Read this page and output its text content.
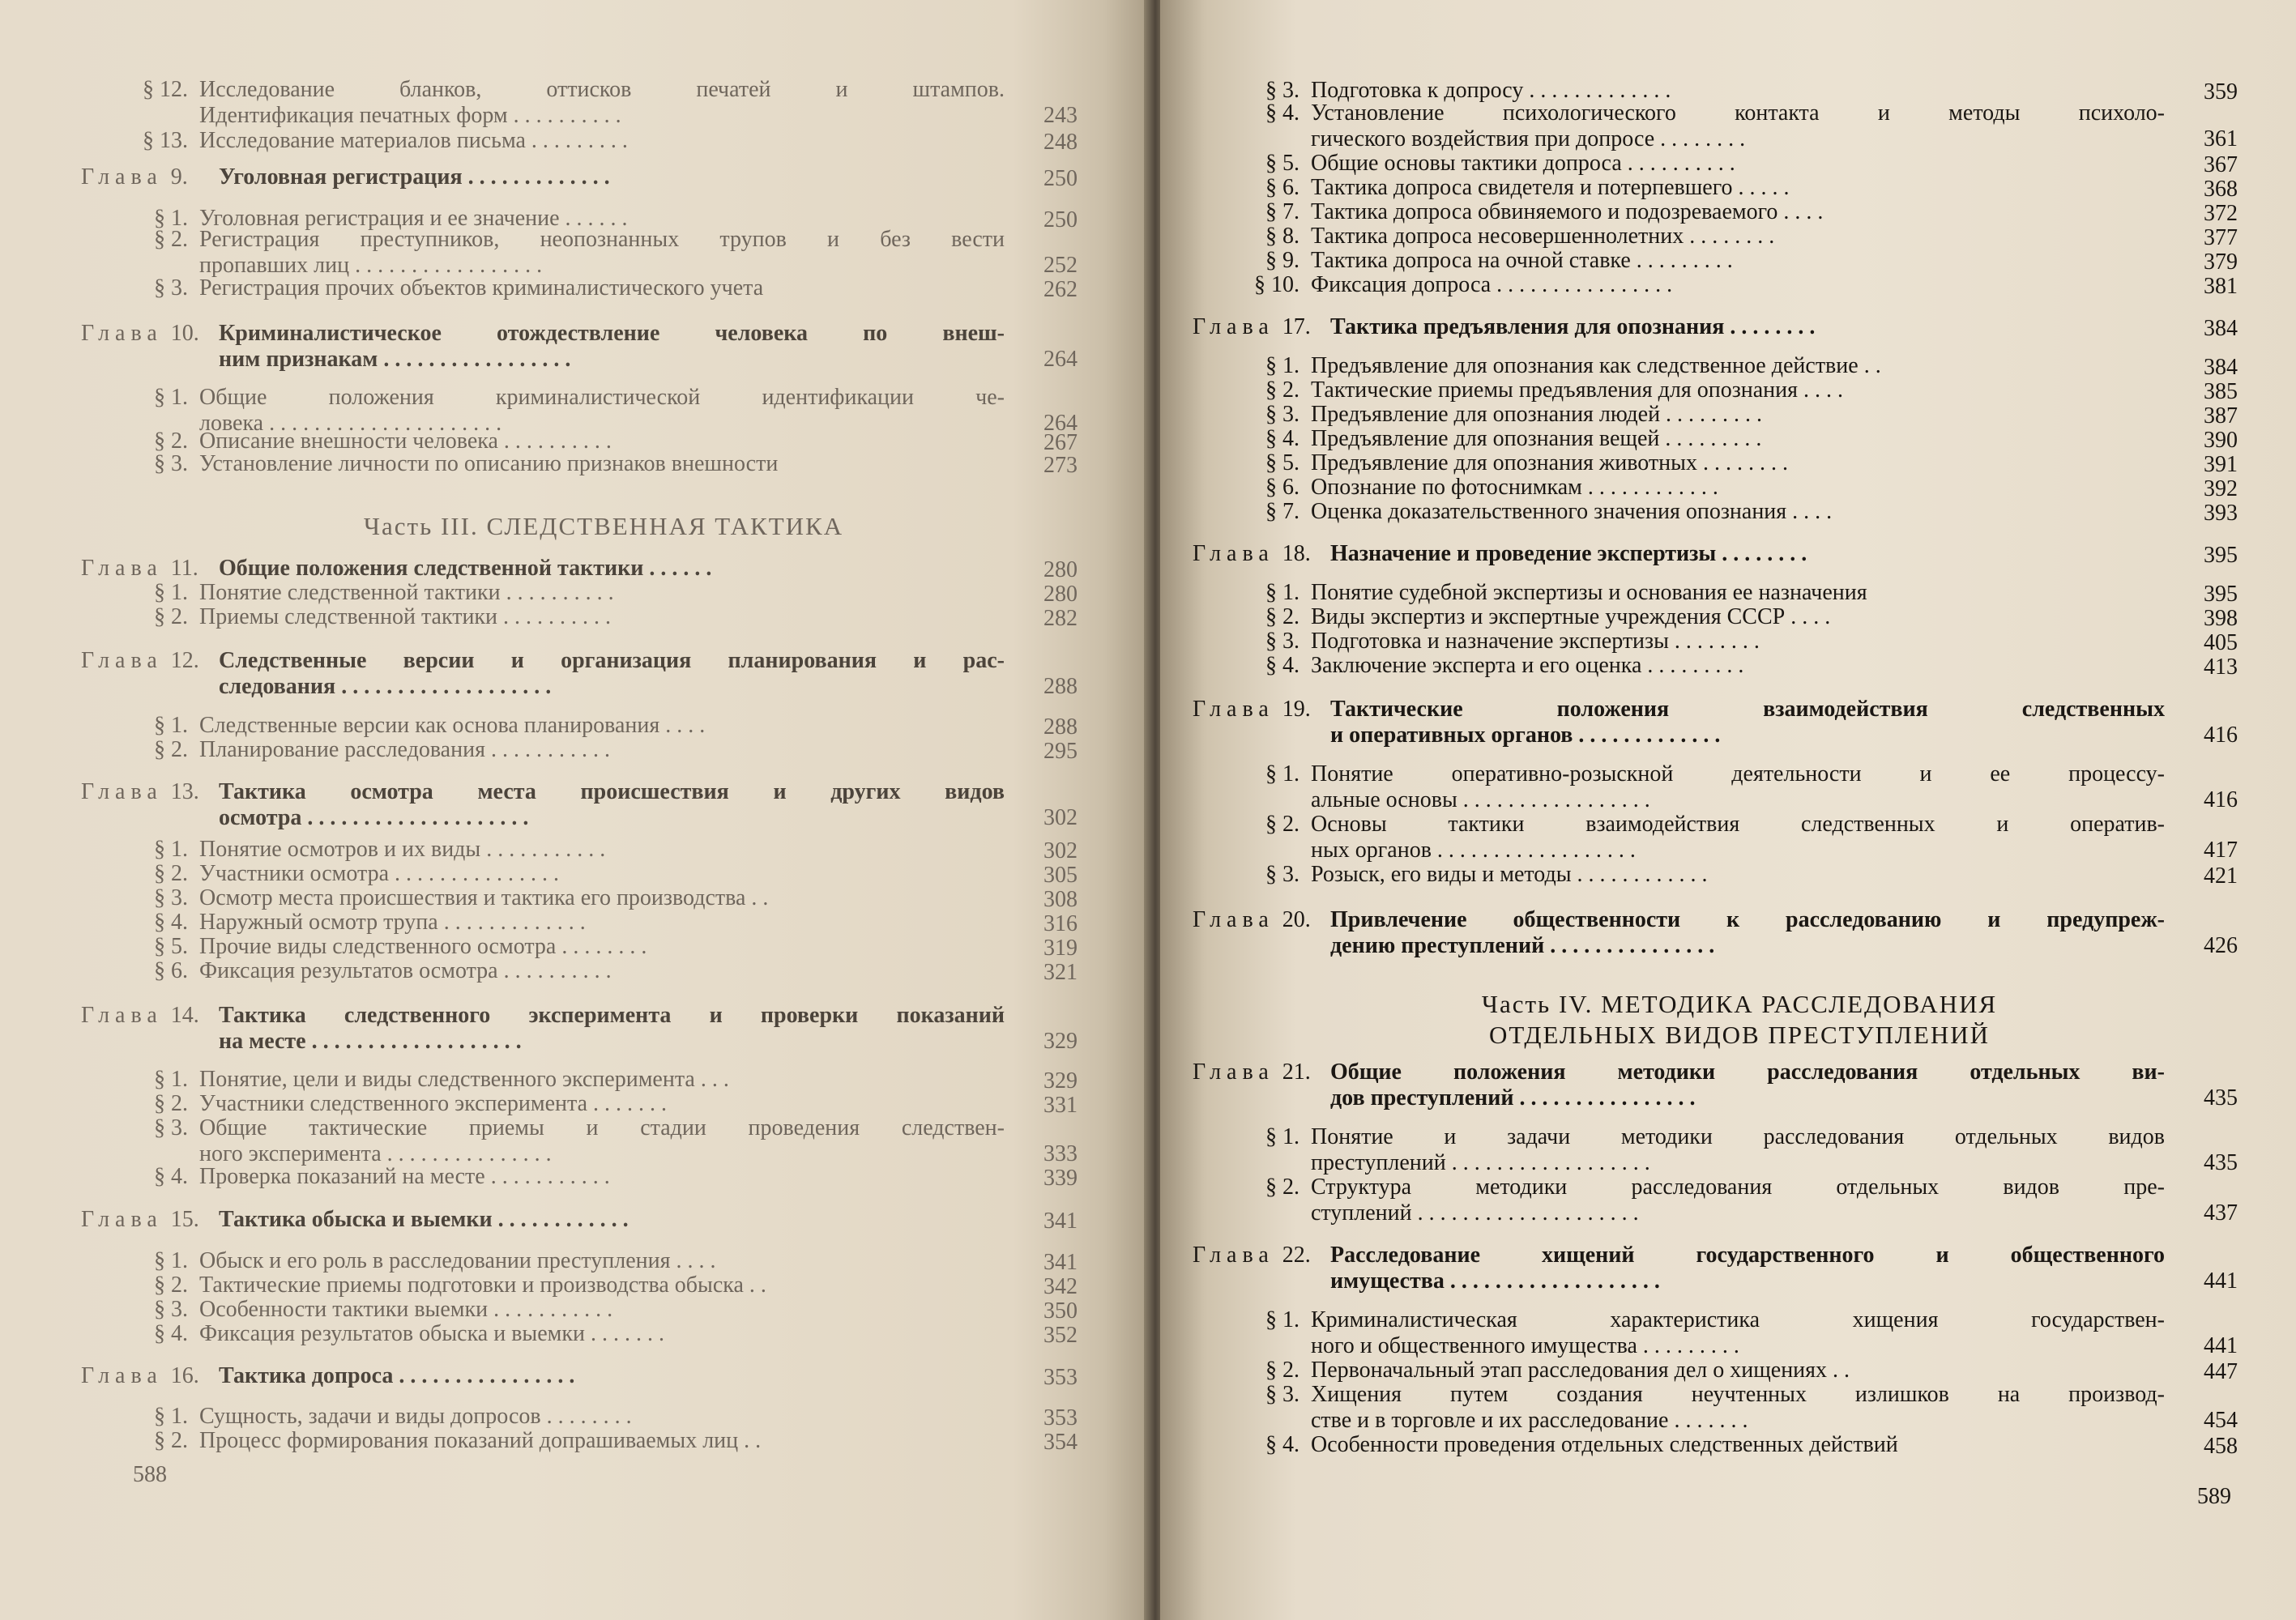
Часть III. СЛЕДСТВЕННАЯ ТАКТИКА
§ 12. Исследование бланков, оттисков печатей и штампов.
Идентификация печатных форм . . . . . . . . . .	243
§ 13. Исследование материалов письма . . . . . . . . .	248
Глава 9. Уголовная регистрация . . . . . . . . . . . . .	250
§ 1. Уголовная регистрация и ее значение . . . . . .	250
§ 2. Регистрация преступников, неопознанных трупов и без вести
пропавших лиц . . . . . . . . . . . . . . . . .	252
§ 3. Регистрация прочих объектов криминалистического учета	262
Глава 10. Криминалистическое отождествление человека по внеш-
ним признакам . . . . . . . . . . . . . . . . .	264
§ 1. Общие положения криминалистической идентификации че-
ловека . . . . . . . . . . . . . . . . . . . . .	264
§ 2. Описание внешности человека . . . . . . . . . .	267
§ 3. Установление личности по описанию признаков внешности	273
Глава 11. Общие положения следственной тактики . . . . . .	280
§ 1. Понятие следственной тактики . . . . . . . . . .	280
§ 2. Приемы следственной тактики . . . . . . . . . .	282
Глава 12. Следственные версии и организация планирования и рас-
следования . . . . . . . . . . . . . . . . . . .	288
§ 1. Следственные версии как основа планирования . . . .	288
§ 2. Планирование расследования . . . . . . . . . . .	295
Глава 13. Тактика осмотра места происшествия и других видов
осмотра . . . . . . . . . . . . . . . . . . . .	302
§ 1. Понятие осмотров и их виды . . . . . . . . . . .	302
§ 2. Участники осмотра . . . . . . . . . . . . . . .	305
§ 3. Осмотр места происшествия и тактика его производства . .	308
§ 4. Наружный осмотр трупа . . . . . . . . . . . . .	316
§ 5. Прочие виды следственного осмотра . . . . . . . .	319
§ 6. Фиксация результатов осмотра . . . . . . . . . .	321
Глава 14. Тактика следственного эксперимента и проверки показаний
на месте . . . . . . . . . . . . . . . . . . .	329
§ 1. Понятие, цели и виды следственного эксперимента . . .	329
§ 2. Участники следственного эксперимента . . . . . . .	331
§ 3. Общие тактические приемы и стадии проведения следствен-
ного эксперимента . . . . . . . . . . . . . . .	333
§ 4. Проверка показаний на месте . . . . . . . . . . .	339
Глава 15. Тактика обыска и выемки . . . . . . . . . . . .	341
§ 1. Обыск и его роль в расследовании преступления . . . .	341
§ 2. Тактические приемы подготовки и производства обыска . .	342
§ 3. Особенности тактики выемки . . . . . . . . . . .	350
§ 4. Фиксация результатов обыска и выемки . . . . . . .	352
Глава 16. Тактика допроса . . . . . . . . . . . . . . . .	353
§ 1. Сущность, задачи и виды допросов . . . . . . . .	353
§ 2. Процесс формирования показаний допрашиваемых лиц . .	354
588
Часть IV. МЕТОДИКА РАССЛЕДОВАНИЯ
ОТДЕЛЬНЫХ ВИДОВ ПРЕСТУПЛЕНИЙ
§ 3. Подготовка к допросу . . . . . . . . . . . . .	359
§ 4. Установление психологического контакта и методы психоло-
гического воздействия при допросе . . . . . . . .	361
§ 5. Общие основы тактики допроса . . . . . . . . . .	367
§ 6. Тактика допроса свидетеля и потерпевшего . . . . .	368
§ 7. Тактика допроса обвиняемого и подозреваемого . . . .	372
§ 8. Тактика допроса несовершеннолетних . . . . . . . .	377
§ 9. Тактика допроса на очной ставке . . . . . . . . .	379
§ 10. Фиксация допроса . . . . . . . . . . . . . . . .	381
Глава 17. Тактика предъявления для опознания . . . . . . . .	384
§ 1. Предъявление для опознания как следственное действие . .	384
§ 2. Тактические приемы предъявления для опознания . . . .	385
§ 3. Предъявление для опознания людей . . . . . . . . .	387
§ 4. Предъявление для опознания вещей . . . . . . . . .	390
§ 5. Предъявление для опознания животных . . . . . . . .	391
§ 6. Опознание по фотоснимкам . . . . . . . . . . . .	392
§ 7. Оценка доказательственного значения опознания . . . .	393
Глава 18. Назначение и проведение экспертизы . . . . . . . .	395
§ 1. Понятие судебной экспертизы и основания ее назначения	395
§ 2. Виды экспертиз и экспертные учреждения СССР . . . .	398
§ 3. Подготовка и назначение экспертизы . . . . . . . .	405
§ 4. Заключение эксперта и его оценка . . . . . . . . .	413
Глава 19. Тактические положения взаимодействия следственных
и оперативных органов . . . . . . . . . . . . .	416
§ 1. Понятие оперативно-розыскной деятельности и ее процессу-
альные основы . . . . . . . . . . . . . . . . .	416
§ 2. Основы тактики взаимодействия следственных и оператив-
ных органов . . . . . . . . . . . . . . . . . .	417
§ 3. Розыск, его виды и методы . . . . . . . . . . . .	421
Глава 20. Привлечение общественности к расследованию и предупреж-
дению преступлений . . . . . . . . . . . . . . .	426
Глава 21. Общие положения методики расследования отдельных ви-
дов преступлений . . . . . . . . . . . . . . . .	435
§ 1. Понятие и задачи методики расследования отдельных видов
преступлений . . . . . . . . . . . . . . . . . .	435
§ 2. Структура методики расследования отдельных видов пре-
ступлений . . . . . . . . . . . . . . . . . . . .	437
Глава 22. Расследование хищений государственного и общественного
имущества . . . . . . . . . . . . . . . . . . .	441
§ 1. Криминалистическая характеристика хищения государствен-
ного и общественного имущества . . . . . . . . .	441
§ 2. Первоначальный этап расследования дел о хищениях . .	447
§ 3. Хищения путем создания неучтенных излишков на производ-
стве и в торговле и их расследование . . . . . . .	454
§ 4. Особенности проведения отдельных следственных действий	458
589
